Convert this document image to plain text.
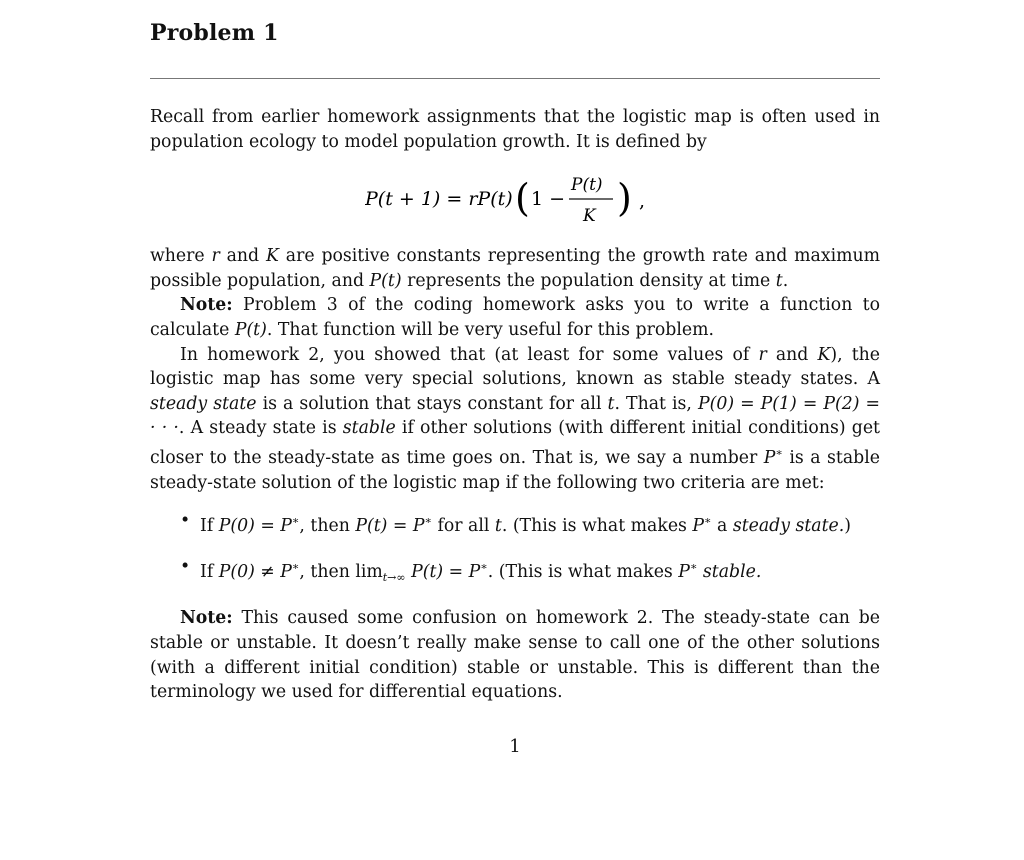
Problem 1

Recall from earlier homework assignments that the logistic map is often used in population ecology to model population growth. It is defined by

P(t + 1) = rP(t) ( 1 −
P(t)
K ) ,

where r and K are positive constants representing the growth rate and maximum possible population, and P(t) represents the population density at time t.

Note: Problem 3 of the coding homework asks you to write a function to calculate P(t). That function will be very useful for this problem.

In homework 2, you showed that (at least for some values of r and K), the logistic map has some very special solutions, known as stable steady states. A steady state is a solution that stays constant for all t. That is, P(0) = P(1) = P(2) = · · ·. A steady state is stable if other solutions (with different initial conditions) get closer to the steady-state as time goes on. That is, we say a number P∗ is a stable steady-state solution of the logistic map if the following two criteria are met:

• If P(0) = P∗, then P(t) = P∗ for all t. (This is what makes P∗ a steady state.)
• If P(0) ≠ P∗, then $\lim_{t\to\infty} P(t) = P^∗$. (This is what makes P∗ stable.

Note: This caused some confusion on homework 2. The steady-state can be stable or unstable. It doesn’t really make sense to call one of the other solutions (with a different initial condition) stable or unstable. This is different than the terminology we used for differential equations.

1
